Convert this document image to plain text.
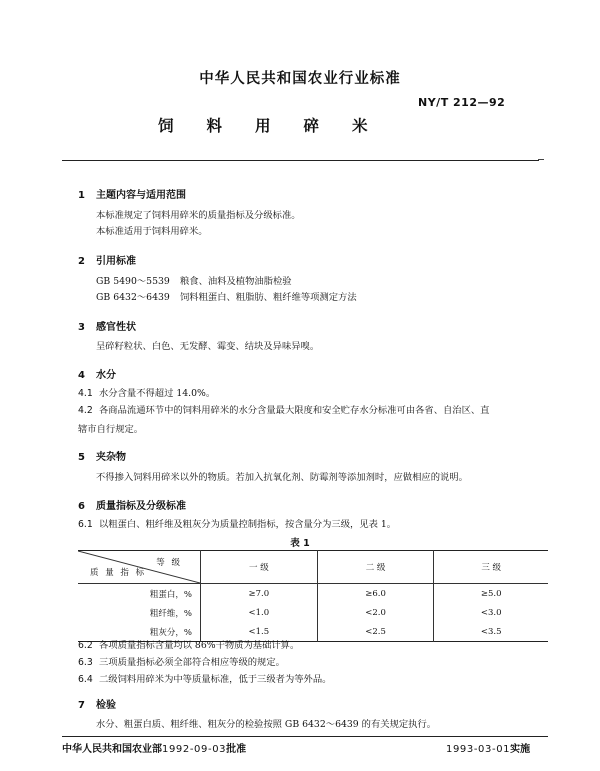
中华人民共和国农业行业标准
NY/T 212—92
饲料用碎米
1 主题内容与适用范围
本标准规定了饲料用碎米的质量指标及分级标准。
本标准适用于饲料用碎米。
2 引用标准
GB 5490～5539 粮食、油料及植物油脂检验
GB 6432～6439 饲料粗蛋白、粗脂肪、粗纤维等项测定方法
3 感官性状
呈碎籽粒状、白色、无发酵、霉变、结块及异味异嗅。
4 水分
4.1 水分含量不得超过 14.0%。
4.2 各商品流通环节中的饲料用碎米的水分含量最大限度和安全贮存水分标准可由各省、自治区、直
辖市自行规定。
5 夹杂物
不得掺入饲料用碎米以外的物质。若加入抗氧化剂、防霉剂等添加剂时，应做相应的说明。
6 质量指标及分级标准
6.1 以粗蛋白、粗纤维及粗灰分为质量控制指标，按含量分为三级，见表 1。
表 1
等 级
质 量 指 标	一 级	二 级	三 级
粗蛋白，%	≥7.0	≥6.0	≥5.0
粗纤维，%	<1.0	<2.0	<3.0
粗灰分，%	<1.5	<2.5	<3.5
6.2 各项质量指标含量均以 86%干物质为基础计算。
6.3 三项质量指标必须全部符合相应等级的规定。
6.4 二级饲料用碎米为中等质量标准，低于三级者为等外品。
7 检验
水分、粗蛋白质、粗纤维、粗灰分的检验按照 GB 6432～6439 的有关规定执行。
中华人民共和国农业部1992-09-03批准	1993-03-01实施
